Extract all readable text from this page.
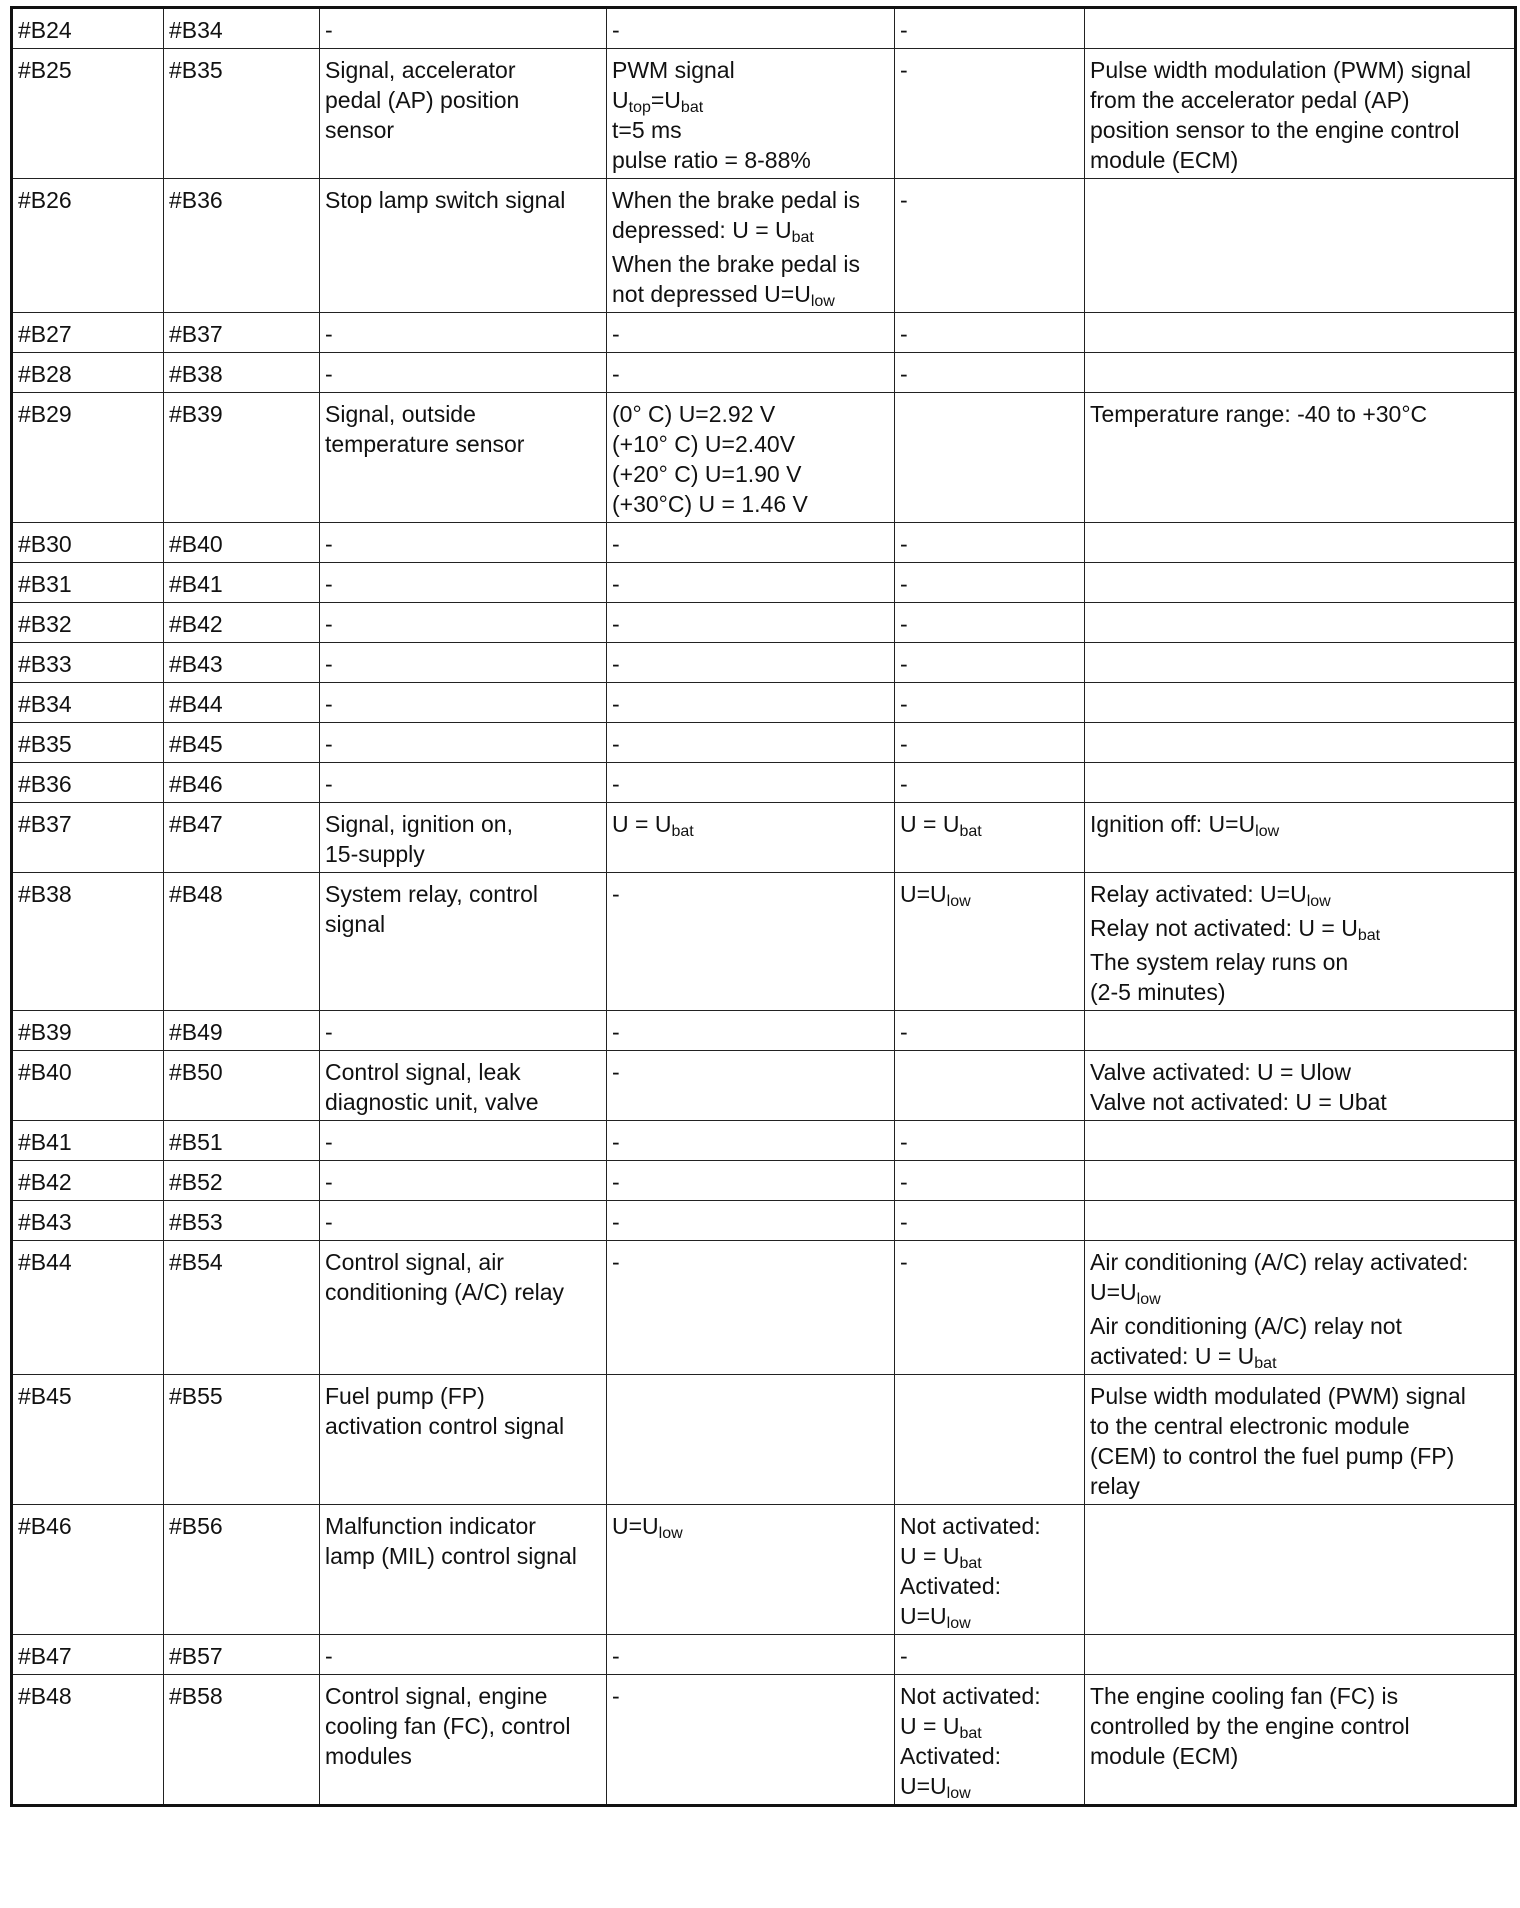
#B24	#B34	-	-	-	

#B25	#B35	Signal, accelerator
pedal (AP) position
sensor	PWM signal
$U_{top}=U_{bat}$
t=5 ms
pulse ratio = 8-88%	-	Pulse width modulation (PWM) signal
from the accelerator pedal (AP)
position sensor to the engine control
module (ECM)

#B26	#B36	Stop lamp switch signal	When the brake pedal is
depressed: $U = U_{bat}$
When the brake pedal is
not depressed $U=U_{low}$	-	

#B27	#B37	-	-	-	

#B28	#B38	-	-	-	

#B29	#B39	Signal, outside
temperature sensor	(0° C) U=2.92 V
(+10° C) U=2.40V
(+20° C) U=1.90 V
(+30°C) U = 1.46 V		Temperature range: -40 to +30°C

#B30	#B40	-	-	-	

#B31	#B41	-	-	-	

#B32	#B42	-	-	-	

#B33	#B43	-	-	-	

#B34	#B44	-	-	-	

#B35	#B45	-	-	-	

#B36	#B46	-	-	-	

#B37	#B47	Signal, ignition on,
15-supply	$U = U_{bat}$	$U = U_{bat}$	Ignition off: $U=U_{low}$

#B38	#B48	System relay, control
signal	-	$U=U_{low}$	Relay activated: $U=U_{low}$
Relay not activated: $U = U_{bat}$
The system relay runs on
(2-5 minutes)

#B39	#B49	-	-	-	

#B40	#B50	Control signal, leak
diagnostic unit, valve	-		Valve activated: U = Ulow
Valve not activated: U = Ubat

#B41	#B51	-	-	-	

#B42	#B52	-	-	-	

#B43	#B53	-	-	-	

#B44	#B54	Control signal, air
conditioning (A/C) relay	-	-	Air conditioning (A/C) relay activated:
$U=U_{low}$
Air conditioning (A/C) relay not
activated: $U = U_{bat}$

#B45	#B55	Fuel pump (FP)
activation control signal			Pulse width modulated (PWM) signal
to the central electronic module
(CEM) to control the fuel pump (FP)
relay

#B46	#B56	Malfunction indicator
lamp (MIL) control signal	$U=U_{low}$	Not activated:
$U = U_{bat}$
Activated:
$U=U_{low}$

#B47	#B57	-	-	-	

#B48	#B58	Control signal, engine
cooling fan (FC), control
modules	-	Not activated:
$U = U_{bat}$
Activated:
$U=U_{low}$	The engine cooling fan (FC) is
controlled by the engine control
module (ECM)
